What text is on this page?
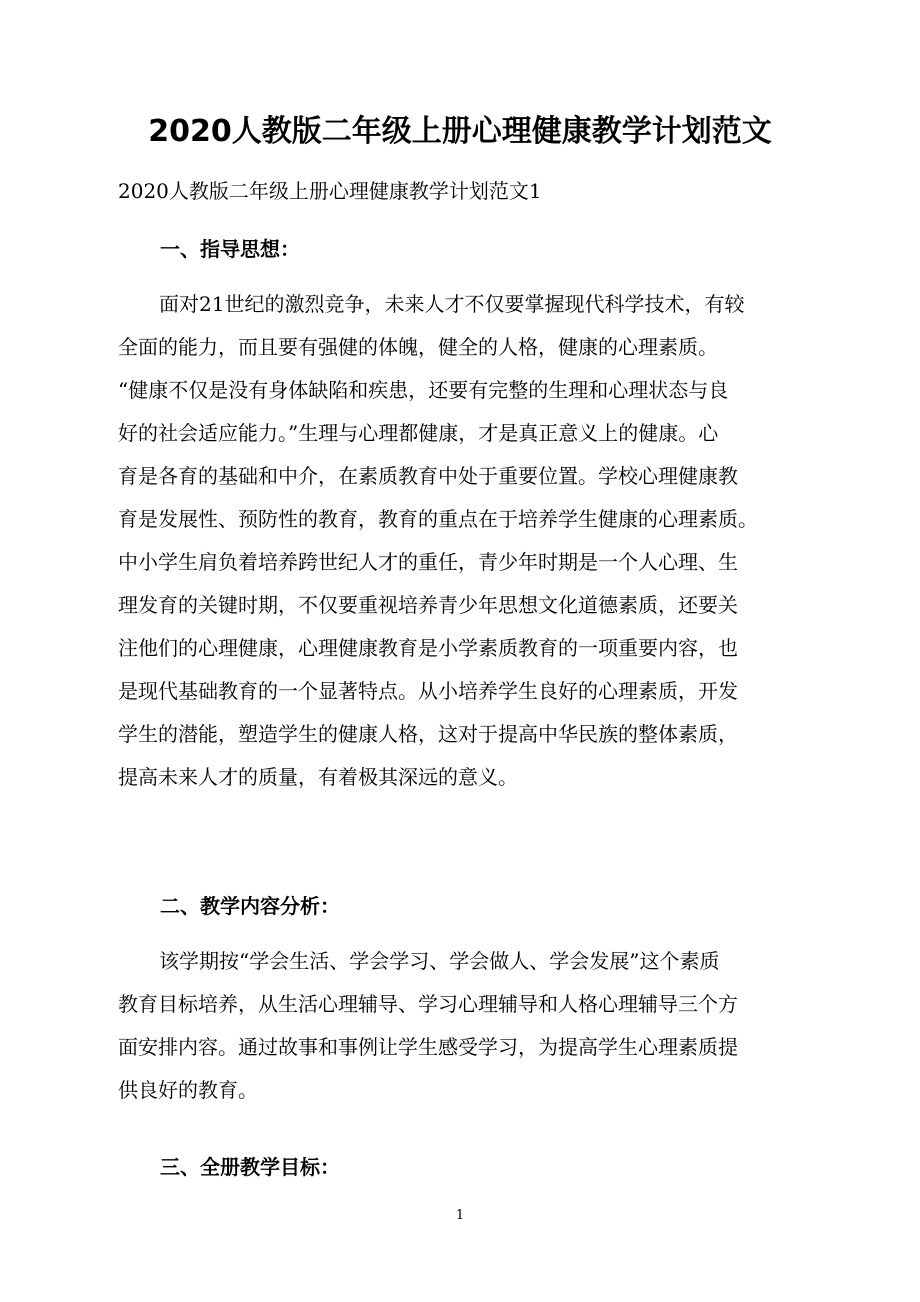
2020人教版二年级上册心理健康教学计划范文

2020人教版二年级上册心理健康教学计划范文1

一、指导思想：
面对21世纪的激烈竞争，未来人才不仅要掌握现代科学技术，有较
全面的能力，而且要有强健的体魄，健全的人格，健康的心理素质。
“健康不仅是没有身体缺陷和疾患，还要有完整的生理和心理状态与良
好的社会适应能力。”生理与心理都健康，才是真正意义上的健康。心
育是各育的基础和中介，在素质教育中处于重要位置。学校心理健康教
育是发展性、预防性的教育，教育的重点在于培养学生健康的心理素质。
中小学生肩负着培养跨世纪人才的重任，青少年时期是一个人心理、生
理发育的关键时期，不仅要重视培养青少年思想文化道德素质，还要关
注他们的心理健康，心理健康教育是小学素质教育的一项重要内容，也
是现代基础教育的一个显著特点。从小培养学生良好的心理素质，开发
学生的潜能，塑造学生的健康人格，这对于提高中华民族的整体素质，
提高未来人才的质量，有着极其深远的意义。
二、教学内容分析：
该学期按“学会生活、学会学习、学会做人、学会发展”这个素质
教育目标培养，从生活心理辅导、学习心理辅导和人格心理辅导三个方
面安排内容。通过故事和事例让学生感受学习，为提高学生心理素质提
供良好的教育。
三、全册教学目标：

1
